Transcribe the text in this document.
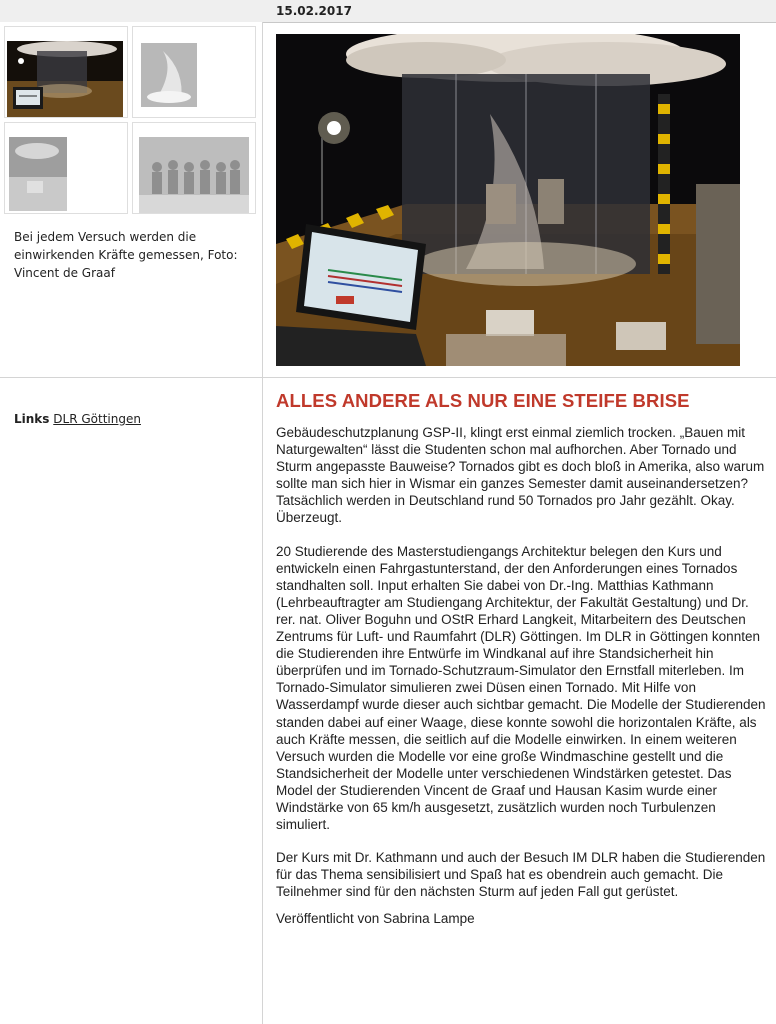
15.02.2017
Bei jedem Versuch werden die einwirkenden Kräfte gemessen, Foto: Vincent de Graaf
Links DLR Göttingen
ALLES ANDERE ALS NUR EINE STEIFE BRISE

Gebäudeschutzplanung GSP-II, klingt erst einmal ziemlich trocken. „Bauen mit Naturgewalten“ lässt die Studenten schon mal aufhorchen. Aber Tornado und Sturm angepasste Bauweise? Tornados gibt es doch bloß in Amerika, also warum sollte man sich hier in Wismar ein ganzes Semester damit auseinandersetzen? Tatsächlich werden in Deutschland rund 50 Tornados pro Jahr gezählt. Okay. Überzeugt.

20 Studierende des Masterstudiengangs Architektur belegen den Kurs und entwickeln einen Fahrgastunterstand, der den Anforderungen eines Tornados standhalten soll. Input erhalten Sie dabei von Dr.-Ing. Matthias Kathmann (Lehrbeauftragter am Studiengang Architektur, der Fakultät Gestaltung) und Dr. rer. nat. Oliver Boguhn und OStR Erhard Langkeit, Mitarbeitern des Deutschen Zentrums für Luft- und Raumfahrt (DLR) Göttingen. Im DLR in Göttingen konnten die Studierenden ihre Entwürfe im Windkanal auf ihre Standsicherheit hin überprüfen und im Tornado-Schutzraum-Simulator den Ernstfall miterleben. Im Tornado-Simulator simulieren zwei Düsen einen Tornado. Mit Hilfe von Wasserdampf wurde dieser auch sichtbar gemacht. Die Modelle der Studierenden standen dabei auf einer Waage, diese konnte sowohl die horizontalen Kräfte, als auch Kräfte messen, die seitlich auf die Modelle einwirken. In einem weiteren Versuch wurden die Modelle vor eine große Windmaschine gestellt und die Standsicherheit der Modelle unter verschiedenen Windstärken getestet. Das Model der Studierenden Vincent de Graaf und Hausan Kasim wurde einer Windstärke von 65 km/h ausgesetzt, zusätzlich wurden noch Turbulenzen simuliert.

Der Kurs mit Dr. Kathmann und auch der Besuch IM DLR haben die Studierenden für das Thema sensibilisiert und Spaß hat es obendrein auch gemacht. Die Teilnehmer sind für den nächsten Sturm auf jeden Fall gut gerüstet.

Veröffentlicht von Sabrina Lampe
